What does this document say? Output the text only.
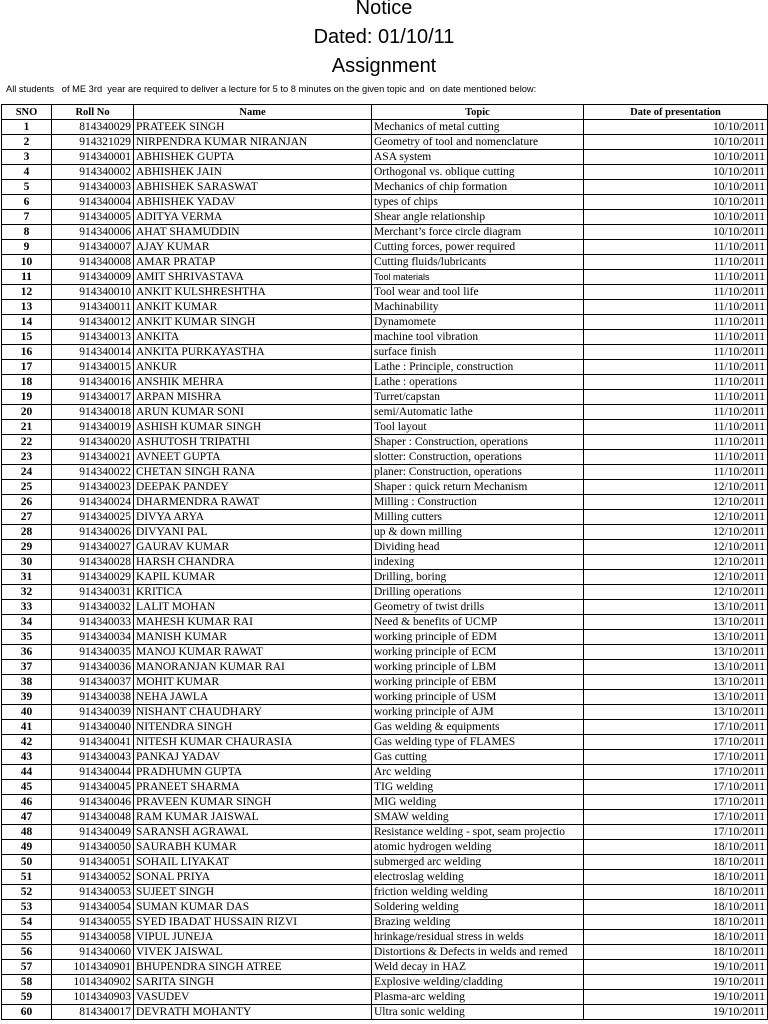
Notice
Dated: 01/10/11
Assignment
All students   of ME 3rd  year are required to deliver a lecture for 5 to 8 minutes on the given topic and  on date mentioned below:
SNO	Roll No	Name	Topic	Date of presentation
1	814340029	PRATEEK SINGH	Mechanics of metal cutting	10/10/2011
2	914321029	NIRPENDRA KUMAR NIRANJAN	Geometry of tool and nomenclature	10/10/2011
3	914340001	ABHISHEK GUPTA	ASA system	10/10/2011
4	914340002	ABHISHEK JAIN	Orthogonal vs. oblique cutting	10/10/2011
5	914340003	ABHISHEK SARASWAT	Mechanics of chip formation	10/10/2011
6	914340004	ABHISHEK YADAV	types of chips	10/10/2011
7	914340005	ADITYA VERMA	Shear angle relationship	10/10/2011
8	914340006	AHAT SHAMUDDIN	Merchant’s force circle diagram	10/10/2011
9	914340007	AJAY KUMAR	Cutting forces, power required	11/10/2011
10	914340008	AMAR PRATAP	Cutting fluids/lubricants	11/10/2011
11	914340009	AMIT SHRIVASTAVA	Tool materials	11/10/2011
12	914340010	ANKIT KULSHRESHTHA	Tool wear and tool life	11/10/2011
13	914340011	ANKIT KUMAR	Machinability	11/10/2011
14	914340012	ANKIT KUMAR SINGH	Dynamomete	11/10/2011
15	914340013	ANKITA	machine tool vibration	11/10/2011
16	914340014	ANKITA PURKAYASTHA	surface finish	11/10/2011
17	914340015	ANKUR	Lathe : Principle, construction	11/10/2011
18	914340016	ANSHIK MEHRA	Lathe : operations	11/10/2011
19	914340017	ARPAN MISHRA	Turret/capstan	11/10/2011
20	914340018	ARUN KUMAR SONI	semi/Automatic lathe	11/10/2011
21	914340019	ASHISH KUMAR SINGH	Tool layout	11/10/2011
22	914340020	ASHUTOSH TRIPATHI	Shaper : Construction, operations	11/10/2011
23	914340021	AVNEET GUPTA	slotter: Construction, operations	11/10/2011
24	914340022	CHETAN SINGH RANA	planer: Construction, operations	11/10/2011
25	914340023	DEEPAK PANDEY	Shaper : quick return Mechanism	12/10/2011
26	914340024	DHARMENDRA RAWAT	Milling : Construction	12/10/2011
27	914340025	DIVYA ARYA	Milling cutters	12/10/2011
28	914340026	DIVYANI PAL	up & down milling	12/10/2011
29	914340027	GAURAV KUMAR	Dividing head	12/10/2011
30	914340028	HARSH CHANDRA	indexing	12/10/2011
31	914340029	KAPIL KUMAR	Drilling, boring	12/10/2011
32	914340031	KRITICA	Drilling operations	12/10/2011
33	914340032	LALIT MOHAN	Geometry of twist drills	13/10/2011
34	914340033	MAHESH KUMAR RAI	Need & benefits of UCMP	13/10/2011
35	914340034	MANISH KUMAR	working principle of EDM	13/10/2011
36	914340035	MANOJ KUMAR RAWAT	working principle of ECM	13/10/2011
37	914340036	MANORANJAN KUMAR RAI	working principle of LBM	13/10/2011
38	914340037	MOHIT KUMAR	working principle of EBM	13/10/2011
39	914340038	NEHA JAWLA	working principle of USM	13/10/2011
40	914340039	NISHANT CHAUDHARY	working principle of AJM	13/10/2011
41	914340040	NITENDRA SINGH	Gas welding & equipments	17/10/2011
42	914340041	NITESH KUMAR CHAURASIA	Gas welding type of FLAMES	17/10/2011
43	914340043	PANKAJ YADAV	Gas cutting	17/10/2011
44	914340044	PRADHUMN GUPTA	Arc welding	17/10/2011
45	914340045	PRANEET SHARMA	TIG welding	17/10/2011
46	914340046	PRAVEEN KUMAR SINGH	MIG welding	17/10/2011
47	914340048	RAM KUMAR JAISWAL	SMAW welding	17/10/2011
48	914340049	SARANSH AGRAWAL	Resistance welding - spot, seam projectio	17/10/2011
49	914340050	SAURABH KUMAR	atomic hydrogen welding	18/10/2011
50	914340051	SOHAIL LIYAKAT	submerged arc welding	18/10/2011
51	914340052	SONAL PRIYA	electroslag welding	18/10/2011
52	914340053	SUJEET SINGH	friction welding welding	18/10/2011
53	914340054	SUMAN KUMAR DAS	Soldering welding	18/10/2011
54	914340055	SYED IBADAT HUSSAIN RIZVI	Brazing welding	18/10/2011
55	914340058	VIPUL JUNEJA	hrinkage/residual stress in welds	18/10/2011
56	914340060	VIVEK JAISWAL	Distortions & Defects in welds and remed	18/10/2011
57	1014340901	BHUPENDRA SINGH ATREE	Weld decay in HAZ	19/10/2011
58	1014340902	SARITA SINGH	Explosive welding/cladding	19/10/2011
59	1014340903	VASUDEV	Plasma-arc welding	19/10/2011
60	814340017	DEVRATH MOHANTY	Ultra sonic welding	19/10/2011
